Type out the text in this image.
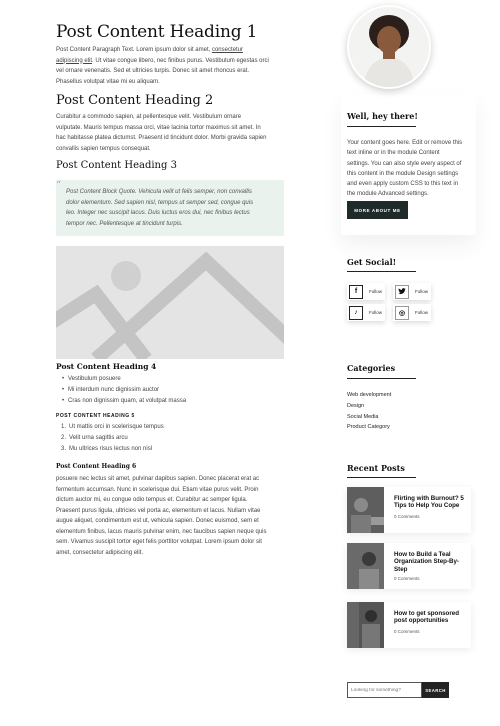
Post Content Heading 1
Post Content Paragraph Text. Lorem ipsum dolor sit amet, consectetur
adipiscing elit. Ut vitae congue libero, nec finibus purus. Vestibulum egestas orci
vel ornare venenatis. Sed et ultricies turpis. Donec sit amet rhoncus erat.
Phasellus volutpat vitae mi eu aliquam.
Post Content Heading 2
Curabitur a commodo sapien, at pellentesque velit. Vestibulum ornare
vulputate. Mauris tempus massa orci, vitae lacinia tortor maximus sit amet. In
hac habitasse platea dictumst. Praesent id tincidunt dolor. Morbi gravida sapien
convallis sapien tempus consequat.
Post Content Heading 3
“
Post Content Block Quote. Vehicula velit ut felis semper, non convallis
dolor elementum. Sed sapien nisl, tempus ut semper sed, congue quis
leo. Integer nec suscipit lacus. Duis luctus eros dui, nec finibus lectus
tempor nec. Pellentesque at tincidunt turpis.
Post Content Heading 4
• Vestibulum posuere
• Mi interdum nunc dignissim auctor
• Cras non dignissim quam, at volutpat massa
POST CONTENT HEADING 5
1. Ut mattis orci in scelerisque tempus
2. Velit urna sagittis arcu
3. Mu ultrices risus lectus non nisl
Post Content Heading 6
posuere nec lectus sit amet, pulvinar dapibus sapien. Donec placerat erat ac
fermentum accumsan. Nunc in scelerisque dui. Etiam vitae purus velit. Proin
dictum auctor mi, eu congue odio tempus et. Curabitur ac semper ligula.
Praesent purus ligula, ultricies vel porta ac, elementum et lacus. Nullam vitae
augue aliquet, condimentum est ut, vehicula sapien. Donec euismod, sem et
elementum finibus, lacus mauris pulvinar enim, nec faucibus sapien neque quis
sem. Vivamus suscipit tortor eget felis porttitor volutpat. Lorem ipsum dolor sit
amet, consectetur adipiscing elit.
Well, hey there!
Your content goes here. Edit or remove this
text inline or in the module Content
settings. You can also style every aspect of
this content in the module Design settings
and even apply custom CSS to this text in
the module Advanced settings.
MORE ABOUT ME
Get Social!
f	Follow	Follow
♪	Follow	◎	Follow
Categories
Web development
Design
Social Media
Product Category
Recent Posts
Flirting with Burnout? 5
Tips to Help You Cope
0 Comments
How to Build a Teal
Organization Step-By-
Step
0 Comments
How to get sponsored
post opportunities
0 Comments
Looking for something?
SEARCH
